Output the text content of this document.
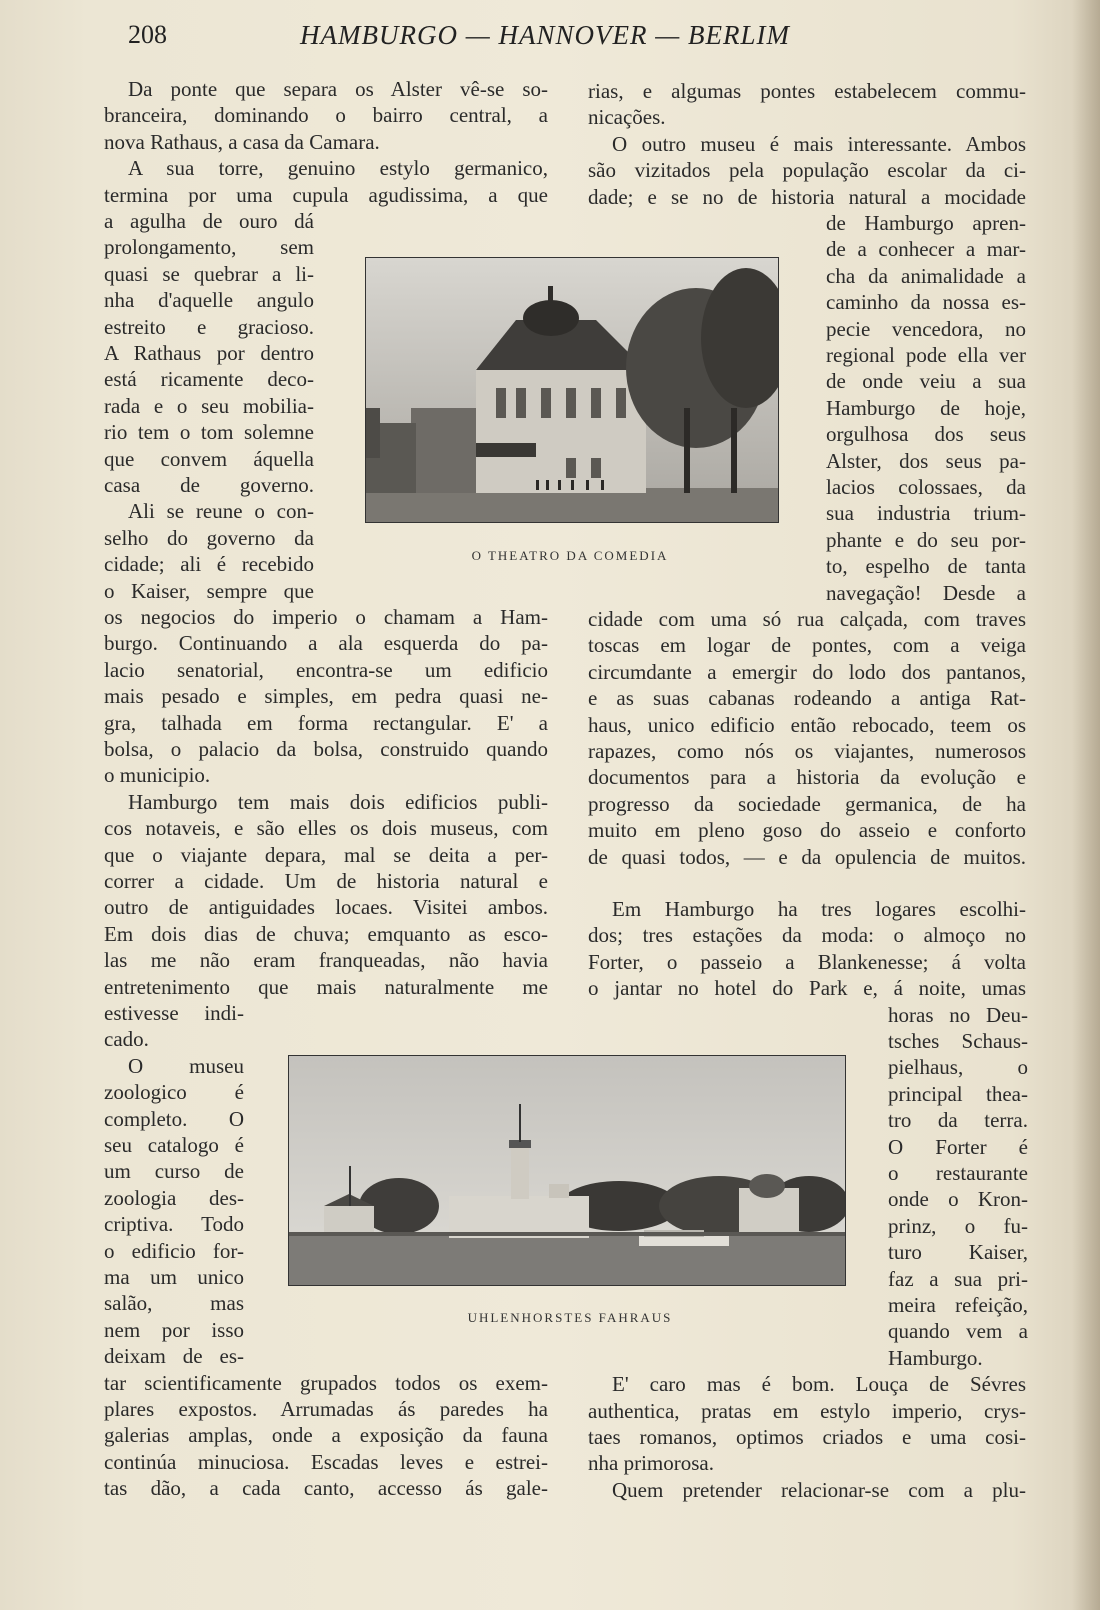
208	HAMBURGO — HANNOVER — BERLIM
O THEATRO DA COMEDIA
UHLENHORSTES FAHRAUS
Da ponte que separa os Alster vê-se so-
branceira, dominando o bairro central, a
nova Rathaus, a casa da Camara.
A sua torre, genuino estylo germanico,
termina por uma cupula agudissima, a que
a agulha de ouro dá
prolongamento, sem
quasi se quebrar a li-
nha d'aquelle angulo
estreito e gracioso.
A Rathaus por dentro
está ricamente deco-
rada e o seu mobilia-
rio tem o tom solemne
que convem áquella
casa de governo.
Ali se reune o con-
selho do governo da
cidade; ali é recebido
o Kaiser, sempre que
os negocios do imperio o chamam a Ham-
burgo. Continuando a ala esquerda do pa-
lacio senatorial, encontra-se um edificio
mais pesado e simples, em pedra quasi ne-
gra, talhada em forma rectangular. E' a
bolsa, o palacio da bolsa, construido quando
o municipio.
Hamburgo tem mais dois edificios publi-
cos notaveis, e são elles os dois museus, com
que o viajante depara, mal se deita a per-
correr a cidade. Um de historia natural e
outro de antiguidades locaes. Visitei ambos.
Em dois dias de chuva; emquanto as esco-
las me não eram franqueadas, não havia
entretenimento que mais naturalmente me
estivesse indi-
cado.
O museu
zoologico é
completo. O
seu catalogo é
um curso de
zoologia des-
criptiva. Todo
o edificio for-
ma um unico
salão, mas
nem por isso
deixam de es-
tar scientificamente grupados todos os exem-
plares expostos. Arrumadas ás paredes ha
galerias amplas, onde a exposição da fauna
continúa minuciosa. Escadas leves e estrei-
tas dão, a cada canto, accesso ás gale-
rias, e algumas pontes estabelecem commu-
nicações.
O outro museu é mais interessante. Ambos
são vizitados pela população escolar da ci-
dade; e se no de historia natural a mocidade
de Hamburgo apren-
de a conhecer a mar-
cha da animalidade a
caminho da nossa es-
pecie vencedora, no
regional pode ella ver
de onde veiu a sua
Hamburgo de hoje,
orgulhosa dos seus
Alster, dos seus pa-
lacios colossaes, da
sua industria trium-
phante e do seu por-
to, espelho de tanta
navegação! Desde a
cidade com uma só rua calçada, com traves
toscas em logar de pontes, com a veiga
circumdante a emergir do lodo dos pantanos,
e as suas cabanas rodeando a antiga Rat-
haus, unico edificio então rebocado, teem os
rapazes, como nós os viajantes, numerosos
documentos para a historia da evolução e
progresso da sociedade germanica, de ha
muito em pleno goso do asseio e conforto
de quasi todos, — e da opulencia de muitos.
Em Hamburgo ha tres logares escolhi-
dos; tres estações da moda: o almoço no
Forter, o passeio a Blankenesse; á volta
o jantar no hotel do Park e, á noite, umas
horas no Deu-
tsches Schaus-
pielhaus, o
principal thea-
tro da terra.
O Forter é
o restaurante
onde o Kron-
prinz, o fu-
turo Kaiser,
faz a sua pri-
meira refeição,
quando vem a
Hamburgo.
E' caro mas é bom. Louça de Sévres
authentica, pratas em estylo imperio, crys-
taes romanos, optimos criados e uma cosi-
nha primorosa.
Quem pretender relacionar-se com a plu-
